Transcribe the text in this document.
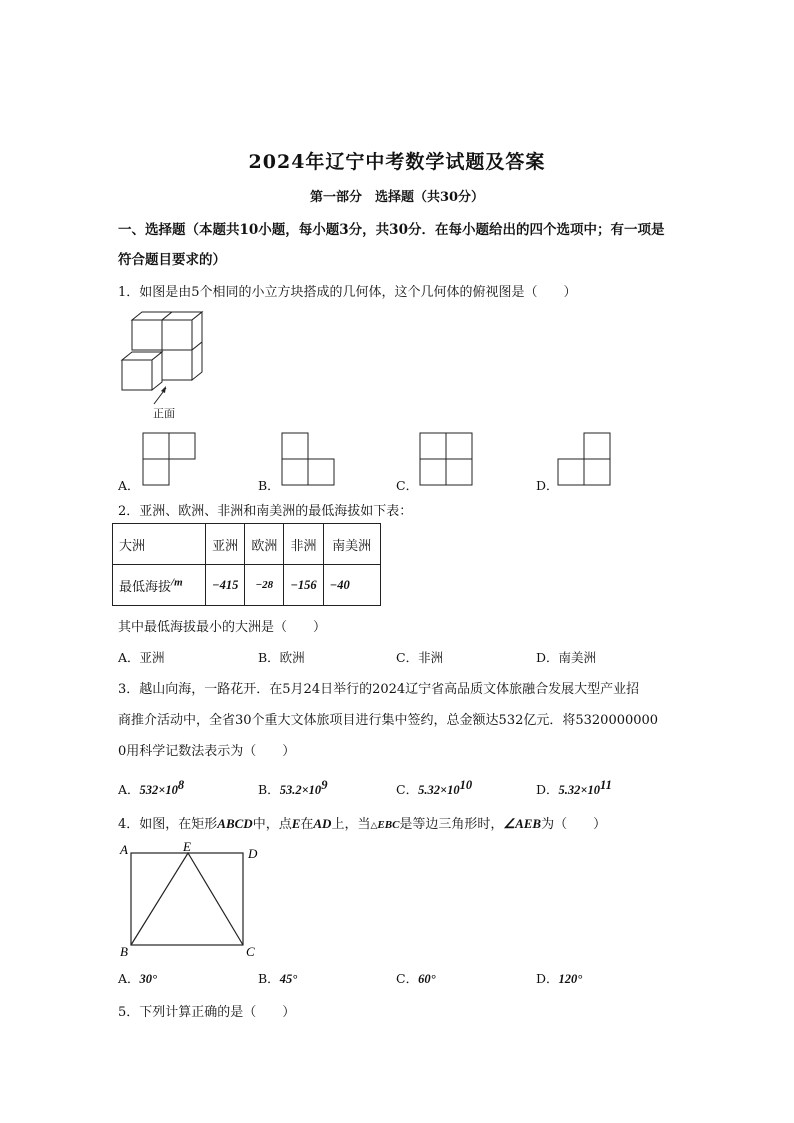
2024年辽宁中考数学试题及答案
第一部分　选择题（共30分）
一、选择题（本题共10小题，每小题3分，共30分．在每小题给出的四个选项中；有一项是
符合题目要求的）
1．如图是由5个相同的小立方块搭成的几何体，这个几何体的俯视图是（　　）
正面
A．	B．	C．	D．
2．亚洲、欧洲、非洲和南美洲的最低海拔如下表：
大洲	亚洲	欧洲	非洲	南美洲
最低海拔$^{/m}$	−415	−28	−156	−40
其中最低海拔最小的大洲是（　　）
A．亚洲	B．欧洲	C．非洲	D．南美洲
3．越山向海，一路花开．在5月24日举行的2024辽宁省高品质文体旅融合发展大型产业招
商推介活动中，全省30个重大文体旅项目进行集中签约，总金额达532亿元．将5320000000
0用科学记数法表示为（　　）
A．$532\times 10^8$	B．$53.2\times 10^9$	C．$5.32\times 10^{10}$	D．$5.32\times 10^{11}$
4．如图，在矩形ABCD中，点E在AD上，当△EBC是等边三角形时，∠AEB为（　　）
A	E	D
B	C
A．30°	B．45°	C．60°	D．120°
5．下列计算正确的是（　　）
